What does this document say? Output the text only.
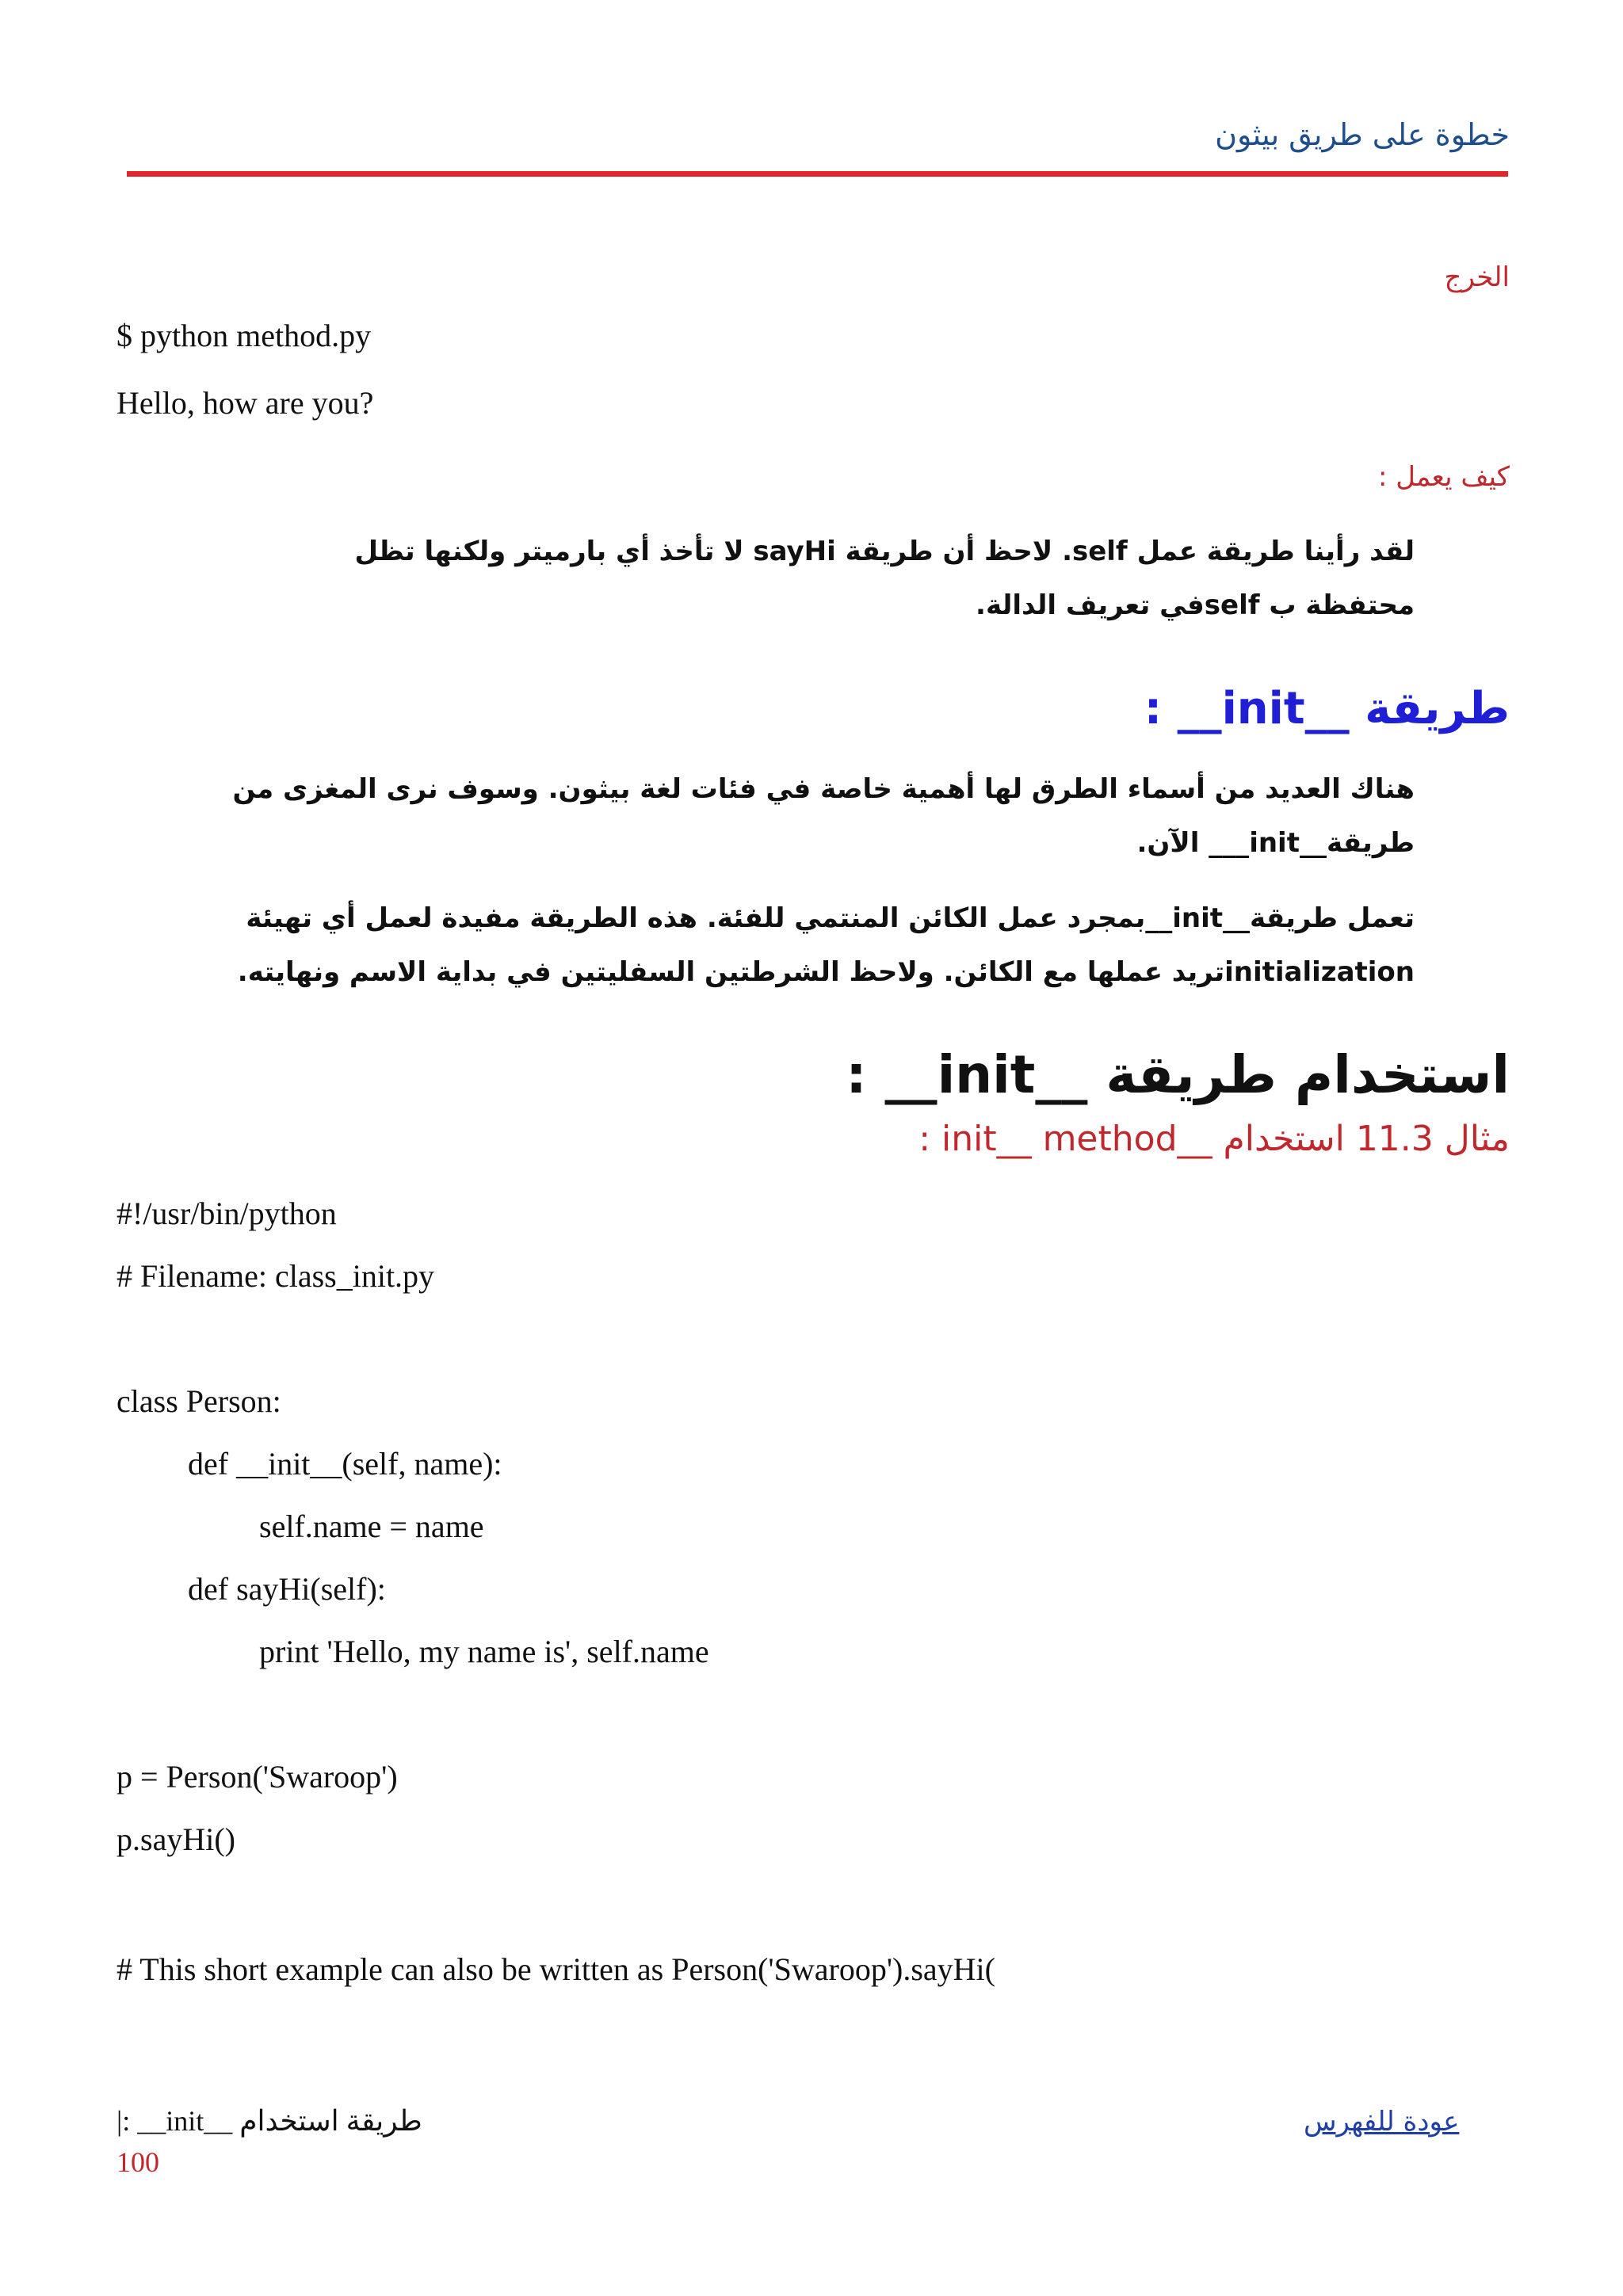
خطوة على طريق بيثون
الخرج
$ python method.py
Hello, how are you?
كيف يعمل :
لقد رأينا طريقة عمل self. لاحظ أن طريقة sayHi لا تأخذ أي بارميتر ولكنها تظل
محتفظة ب selfفي تعريف الدالة.
طريقة __init__ :
هناك العديد من أسماء الطرق لها أهمية خاصة في فئات لغة بيثون. وسوف نرى المغزى من
طريقة__init___ الآن.
تعمل طريقة__init__بمجرد عمل الكائن المنتمي للفئة. هذه الطريقة مفيدة لعمل أي تهيئة
initializationتريد عملها مع الكائن. ولاحظ الشرطتين السفليتين في بداية الاسم ونهايته.
استخدام طريقة __init__ :
مثال 11.3 استخدام __init__ method :
#!/usr/bin/python
# Filename: class_init.py
class Person:
def __init__(self, name):
self.name = name
def sayHi(self):
print 'Hello, my name is', self.name
p = Person('Swaroop')
p.sayHi()
# This short example can also be written as Person('Swaroop').sayHi(
عودة للفهرس
|: __init__ طريقة استخدام
100
